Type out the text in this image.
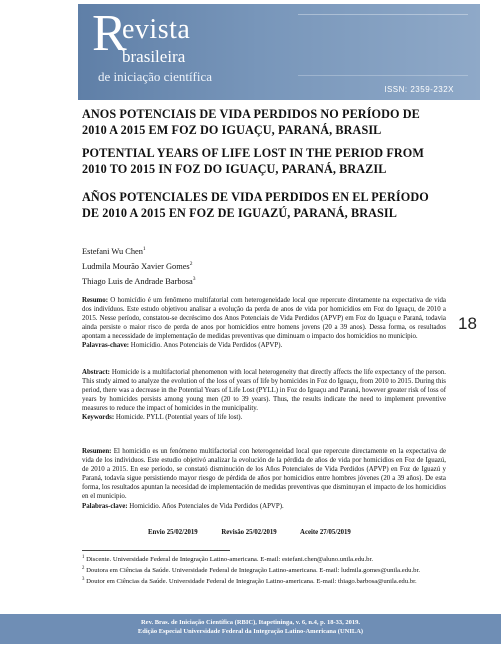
R
evista
brasileira
de iniciação científica
ISSN: 2359-232X
ANOS POTENCIAIS DE VIDA PERDIDOS NO PERÍODO DE 2010 A 2015 EM FOZ DO IGUAÇU, PARANÁ, BRASIL
POTENTIAL YEARS OF LIFE LOST IN THE PERIOD FROM 2010 TO 2015 IN FOZ DO IGUAÇU, PARANÁ, BRAZIL
AÑOS POTENCIALES DE VIDA PERDIDOS EN EL PERÍODO DE 2010 A 2015 EN FOZ DE IGUAZÚ, PARANÁ, BRASIL
Estefani Wu Chen$^1$
Ludmila Mourão Xavier Gomes$^2$
Thiago Luis de Andrade Barbosa$^3$
Resumo: O homicídio é um fenômeno multifatorial com heterogeneidade local que repercute diretamente na expectativa de vida dos indivíduos. Este estudo objetivou analisar a evolução da perda de anos de vida por homicídios em Foz do Iguaçu, de 2010 a 2015. Nesse período, constatou-se decréscimo dos Anos Potenciais de Vida Perdidos (APVP) em Foz do Iguaçu e Paraná, todavia ainda persiste o maior risco de perda de anos por homicídios entre homens jovens (20 a 39 anos). Dessa forma, os resultados apontam a necessidade de implementação de medidas preventivas que diminuam o impacto dos homicídios no município.
Palavras-chave: Homicídio. Anos Potenciais de Vida Perdidos (APVP).
18
Abstract: Homicide is a multifactorial phenomenon with local heterogeneity that directly affects the life expectancy of the person. This study aimed to analyze the evolution of the loss of years of life by homicides in Foz do Iguaçu, from 2010 to 2015. During this period, there was a decrease in the Potential Years of Life Lost (PYLL) in Foz do Iguaçu and Paraná, however greater risk of loss of years by homicides persists among young men (20 to 39 years). Thus, the results indicate the need to implement preventive measures to reduce the impact of homicides in the municipality.
Keywords: Homicide. PYLL (Potential years of life lost).
Resumen: El homicidio es un fenómeno multifactorial con heterogeneidad local que repercute directamente en la expectativa de vida de los individuos. Este estudio objetivó analizar la evolución de la pérdida de años de vida por homicidios en Foz de Iguazú, de 2010 a 2015. En ese período, se constató disminución de los Años Potenciales de Vida Perdidos (APVP) en Foz de Iguazú y Paraná, todavía sigue persistiendo mayor riesgo de pérdida de años por homicidios entre hombres jóvenes (20 a 39 años). De esta forma, los resultados apuntan la necesidad de implementación de medidas preventivas que disminuyan el impacto de los homicidios en el municipio.
Palabras-clave: Homicidio. Años Potenciales de Vida Perdidos (APVP).
Envio 25/02/2019	Revisão 25/02/2019	Aceite 27/05/2019
$^1$ Discente. Universidade Federal de Integração Latino-americana. E-mail: estefani.chen@aluno.unila.edu.br.
$^2$ Doutora em Ciências da Saúde. Universidade Federal de Integração Latino-americana. E-mail: ludmila.gomes@unila.edu.br.
$^3$ Doutor em Ciências da Saúde. Universidade Federal de Integração Latino-americana. E-mail: thiago.barbosa@unila.edu.br.
Rev. Bras. de Iniciação Científica (RBIC), Itapetininga, v. 6, n.4, p. 18-33, 2019.
Edição Especial Universidade Federal da Integração Latino-Americana (UNILA)
